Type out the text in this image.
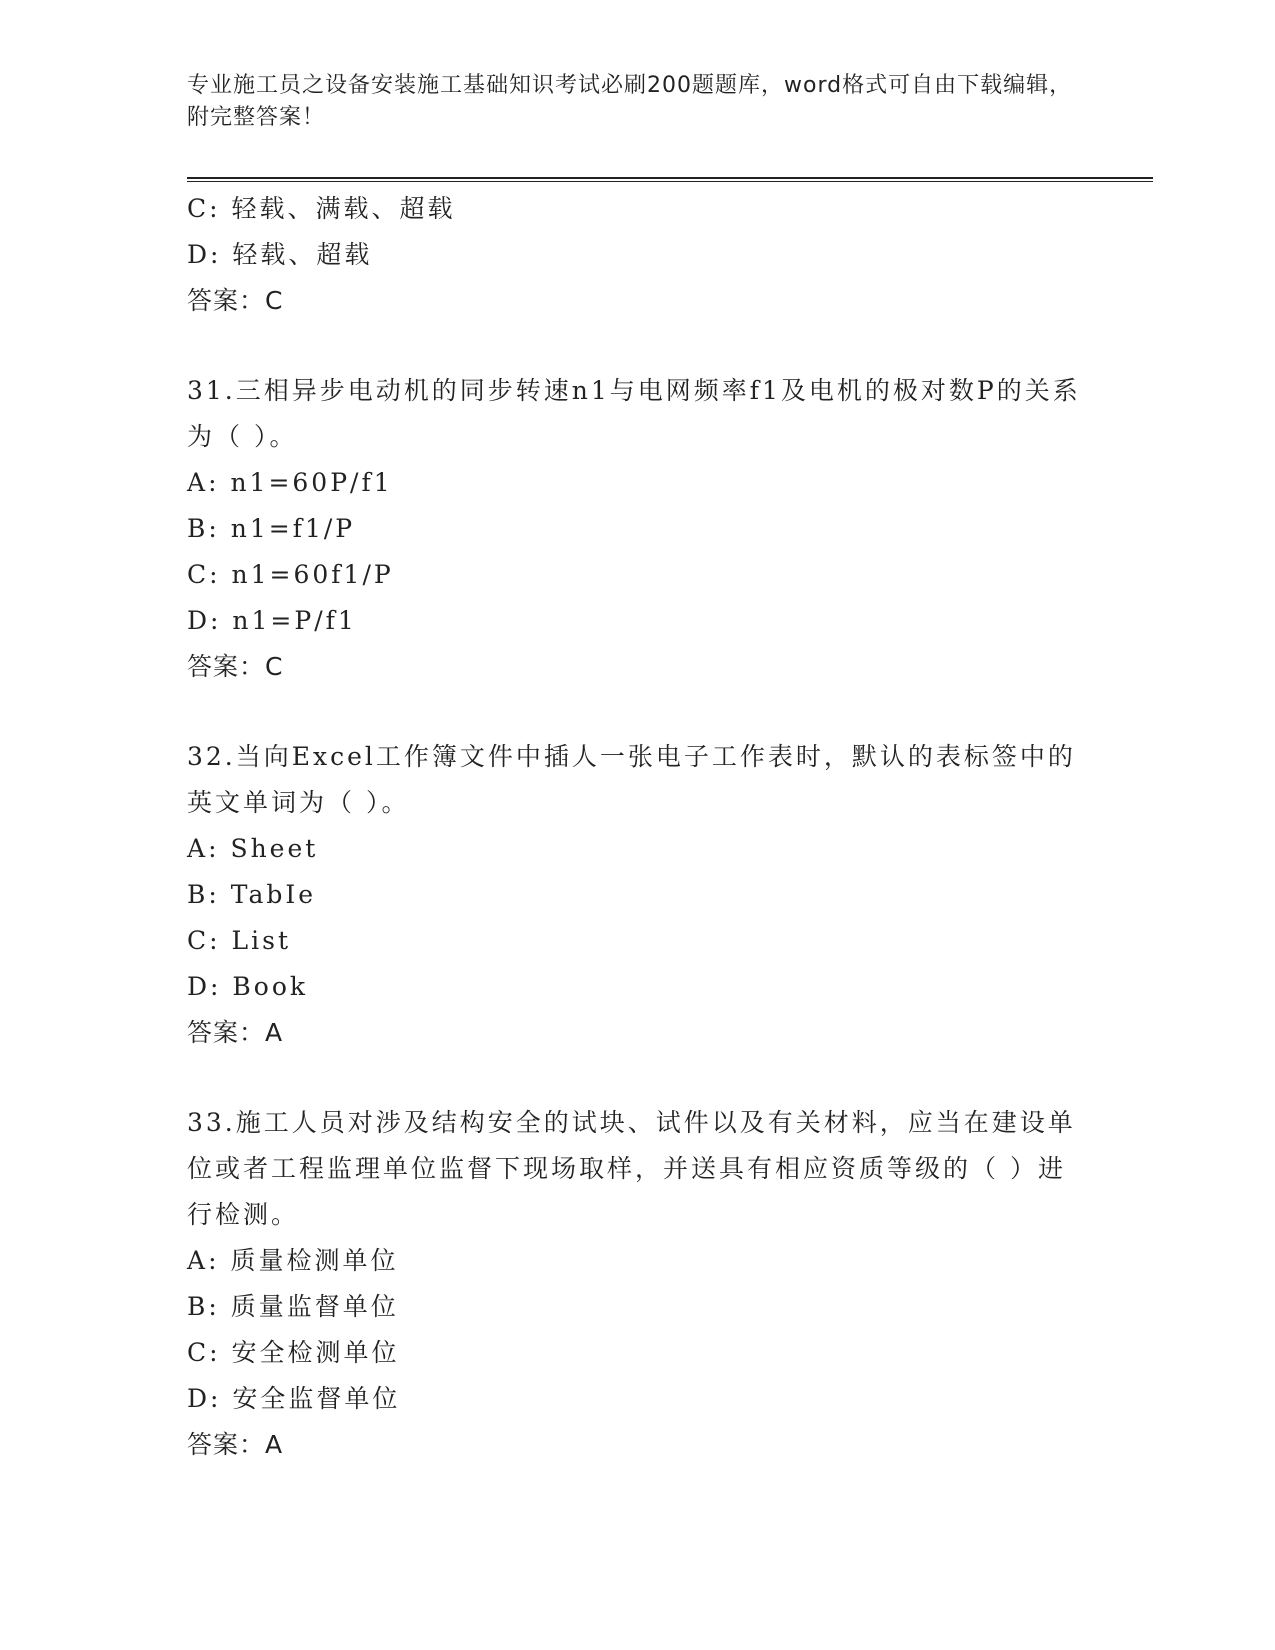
专业施工员之设备安装施工基础知识考试必刷200题题库，word格式可自由下载编辑，附完整答案！
C: 轻载、满载、超载
D: 轻载、超载
答案：C
31.三相异步电动机的同步转速n1与电网频率f1及电机的极对数P的关系为（ ）。
A: n1=60P/f1
B: n1=f1/P
C: n1=60f1/P
D: n1=P/f1
答案：C
32.当向Excel工作簿文件中插人一张电子工作表时，默认的表标签中的英文单词为（ ）。
A: Sheet
B: TabIe
C: List
D: Book
答案：A
33.施工人员对涉及结构安全的试块、试件以及有关材料，应当在建设单位或者工程监理单位监督下现场取样，并送具有相应资质等级的（ ）进行检测。
A: 质量检测单位
B: 质量监督单位
C: 安全检测单位
D: 安全监督单位
答案：A
